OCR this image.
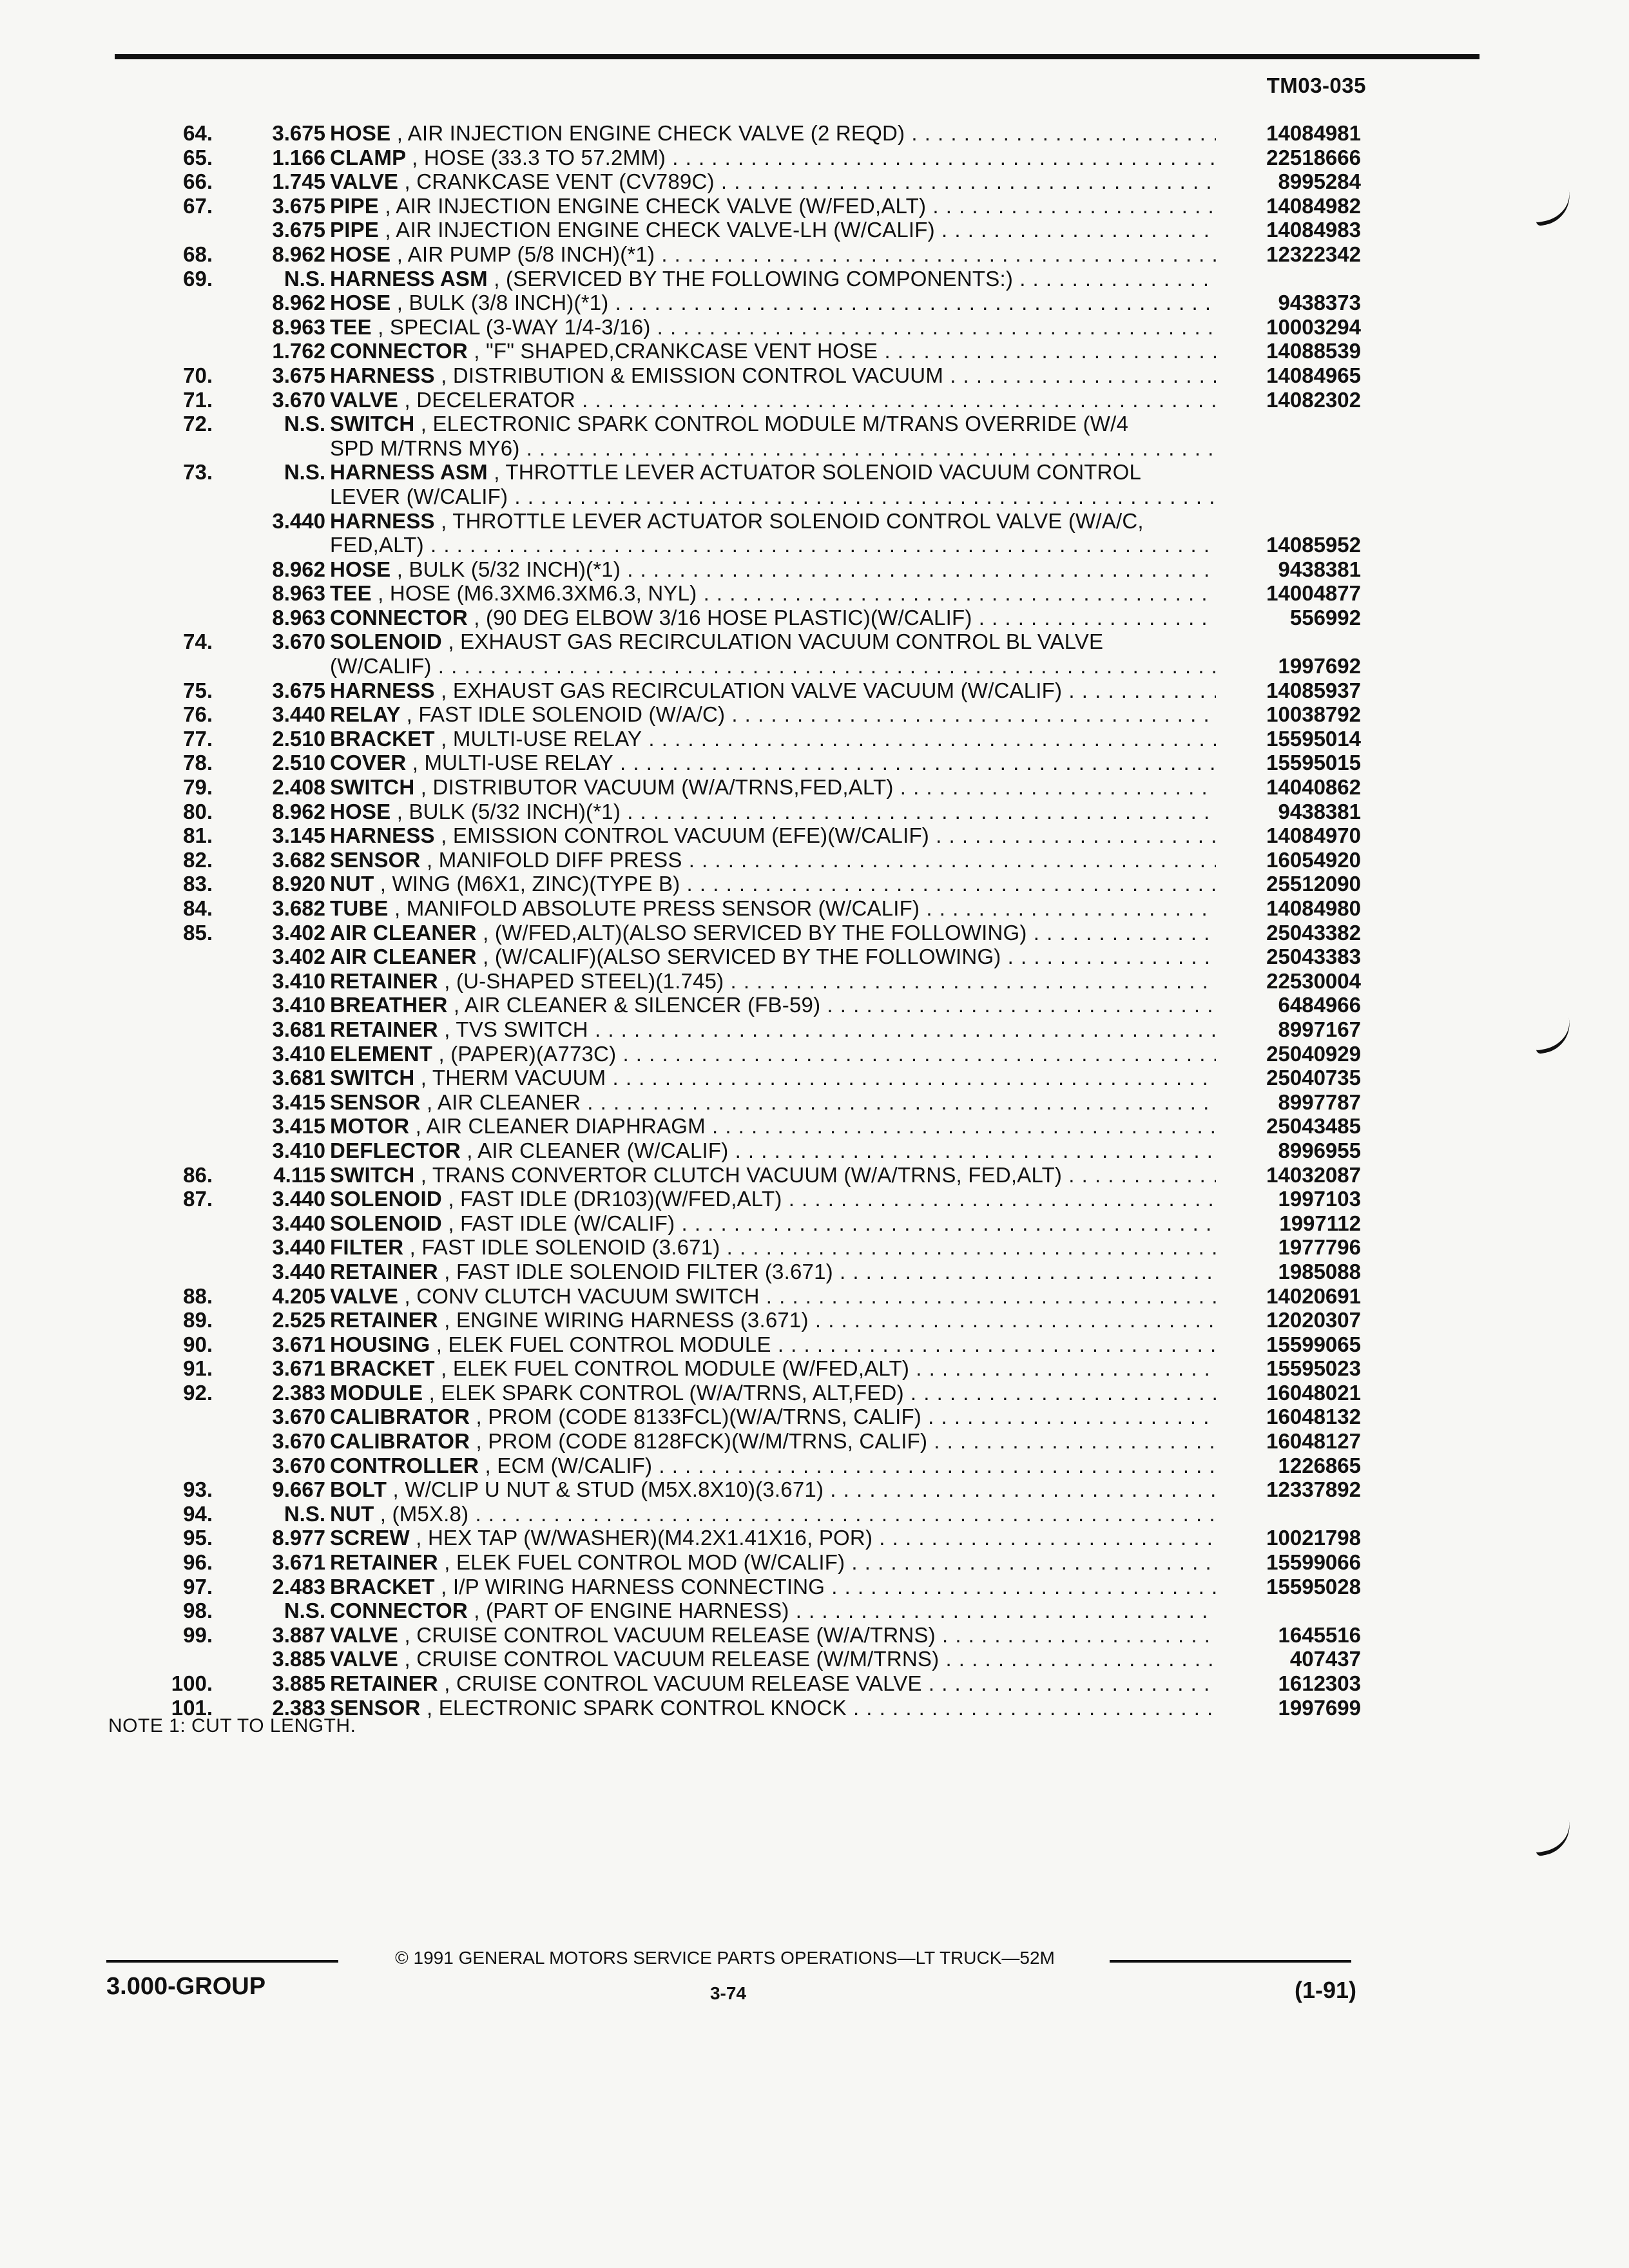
TM03-035
64.	3.675 HOSE , AIR INJECTION ENGINE CHECK VALVE (2 REQD) . . .	14084981
65.	1.166 CLAMP , HOSE (33.3 TO 57.2MM) . . .	22518666
66.	1.745 VALVE , CRANKCASE VENT (CV789C) . . .	8995284
67.	3.675 PIPE , AIR INJECTION ENGINE CHECK VALVE (W/FED,ALT) . . .	14084982
3.675 PIPE , AIR INJECTION ENGINE CHECK VALVE-LH (W/CALIF) . . .	14084983
68.	8.962 HOSE , AIR PUMP (5/8 INCH)(*1) . . .	12322342
69.	N.S. HARNESS ASM , (SERVICED BY THE FOLLOWING COMPONENTS:) . . .
8.962 HOSE , BULK (3/8 INCH)(*1) . . .	9438373
8.963 TEE , SPECIAL (3-WAY 1/4-3/16) . . .	10003294
1.762 CONNECTOR , "F" SHAPED,CRANKCASE VENT HOSE . . .	14088539
70.	3.675 HARNESS , DISTRIBUTION & EMISSION CONTROL VACUUM . . .	14084965
71.	3.670 VALVE , DECELERATOR . . .	14082302
72.	N.S. SWITCH , ELECTRONIC SPARK CONTROL MODULE M/TRANS OVERRIDE (W/4
SPD M/TRNS MY6) . . .
73.	N.S. HARNESS ASM , THROTTLE LEVER ACTUATOR SOLENOID VACUUM CONTROL
LEVER (W/CALIF) . . .
3.440 HARNESS , THROTTLE LEVER ACTUATOR SOLENOID CONTROL VALVE (W/A/C,
FED,ALT) . . .	14085952
8.962 HOSE , BULK (5/32 INCH)(*1) . . .	9438381
8.963 TEE , HOSE (M6.3XM6.3XM6.3, NYL) . . .	14004877
8.963 CONNECTOR , (90 DEG ELBOW 3/16 HOSE PLASTIC)(W/CALIF) . . .	556992
74.	3.670 SOLENOID , EXHAUST GAS RECIRCULATION VACUUM CONTROL BL VALVE
(W/CALIF) . . .	1997692
75.	3.675 HARNESS , EXHAUST GAS RECIRCULATION VALVE VACUUM (W/CALIF) . . .	14085937
76.	3.440 RELAY , FAST IDLE SOLENOID (W/A/C) . . .	10038792
77.	2.510 BRACKET , MULTI-USE RELAY . . .	15595014
78.	2.510 COVER , MULTI-USE RELAY . . .	15595015
79.	2.408 SWITCH , DISTRIBUTOR VACUUM (W/A/TRNS,FED,ALT) . . .	14040862
80.	8.962 HOSE , BULK (5/32 INCH)(*1) . . .	9438381
81.	3.145 HARNESS , EMISSION CONTROL VACUUM (EFE)(W/CALIF) . . .	14084970
82.	3.682 SENSOR , MANIFOLD DIFF PRESS . . .	16054920
83.	8.920 NUT , WING (M6X1, ZINC)(TYPE B) . . .	25512090
84.	3.682 TUBE , MANIFOLD ABSOLUTE PRESS SENSOR (W/CALIF) . . .	14084980
85.	3.402 AIR CLEANER , (W/FED,ALT)(ALSO SERVICED BY THE FOLLOWING) . . .	25043382
3.402 AIR CLEANER , (W/CALIF)(ALSO SERVICED BY THE FOLLOWING) . . .	25043383
3.410 RETAINER , (U-SHAPED STEEL)(1.745) . . .	22530004
3.410 BREATHER , AIR CLEANER & SILENCER (FB-59) . . .	6484966
3.681 RETAINER , TVS SWITCH . . .	8997167
3.410 ELEMENT , (PAPER)(A773C) . . .	25040929
3.681 SWITCH , THERM VACUUM . . .	25040735
3.415 SENSOR , AIR CLEANER . . .	8997787
3.415 MOTOR , AIR CLEANER DIAPHRAGM . . .	25043485
3.410 DEFLECTOR , AIR CLEANER (W/CALIF) . . .	8996955
86.	4.115 SWITCH , TRANS CONVERTOR CLUTCH VACUUM (W/A/TRNS, FED,ALT) . . .	14032087
87.	3.440 SOLENOID , FAST IDLE (DR103)(W/FED,ALT) . . .	1997103
3.440 SOLENOID , FAST IDLE (W/CALIF) . . .	1997112
3.440 FILTER , FAST IDLE SOLENOID (3.671) . . .	1977796
3.440 RETAINER , FAST IDLE SOLENOID FILTER (3.671) . . .	1985088
88.	4.205 VALVE , CONV CLUTCH VACUUM SWITCH . . .	14020691
89.	2.525 RETAINER , ENGINE WIRING HARNESS (3.671) . . .	12020307
90.	3.671 HOUSING , ELEK FUEL CONTROL MODULE . . .	15599065
91.	3.671 BRACKET , ELEK FUEL CONTROL MODULE (W/FED,ALT) . . .	15595023
92.	2.383 MODULE , ELEK SPARK CONTROL (W/A/TRNS, ALT,FED) . . .	16048021
3.670 CALIBRATOR , PROM (CODE 8133FCL)(W/A/TRNS, CALIF) . . .	16048132
3.670 CALIBRATOR , PROM (CODE 8128FCK)(W/M/TRNS, CALIF) . . .	16048127
3.670 CONTROLLER , ECM (W/CALIF) . . .	1226865
93.	9.667 BOLT , W/CLIP U NUT & STUD (M5X.8X10)(3.671) . . .	12337892
94.	N.S. NUT , (M5X.8) . . .
95.	8.977 SCREW , HEX TAP (W/WASHER)(M4.2X1.41X16, POR) . . .	10021798
96.	3.671 RETAINER , ELEK FUEL CONTROL MOD (W/CALIF) . . .	15599066
97.	2.483 BRACKET , I/P WIRING HARNESS CONNECTING . . .	15595028
98.	N.S. CONNECTOR , (PART OF ENGINE HARNESS) . . .
99.	3.887 VALVE , CRUISE CONTROL VACUUM RELEASE (W/A/TRNS) . . .	1645516
3.885 VALVE , CRUISE CONTROL VACUUM RELEASE (W/M/TRNS) . . .	407437
100.	3.885 RETAINER , CRUISE CONTROL VACUUM RELEASE VALVE . . .	1612303
101.	2.383 SENSOR , ELECTRONIC SPARK CONTROL KNOCK . . .	1997699
NOTE 1: CUT TO LENGTH.
© 1991 GENERAL MOTORS SERVICE PARTS OPERATIONS—LT TRUCK—52M
3.000-GROUP	3-74	(1-91)
